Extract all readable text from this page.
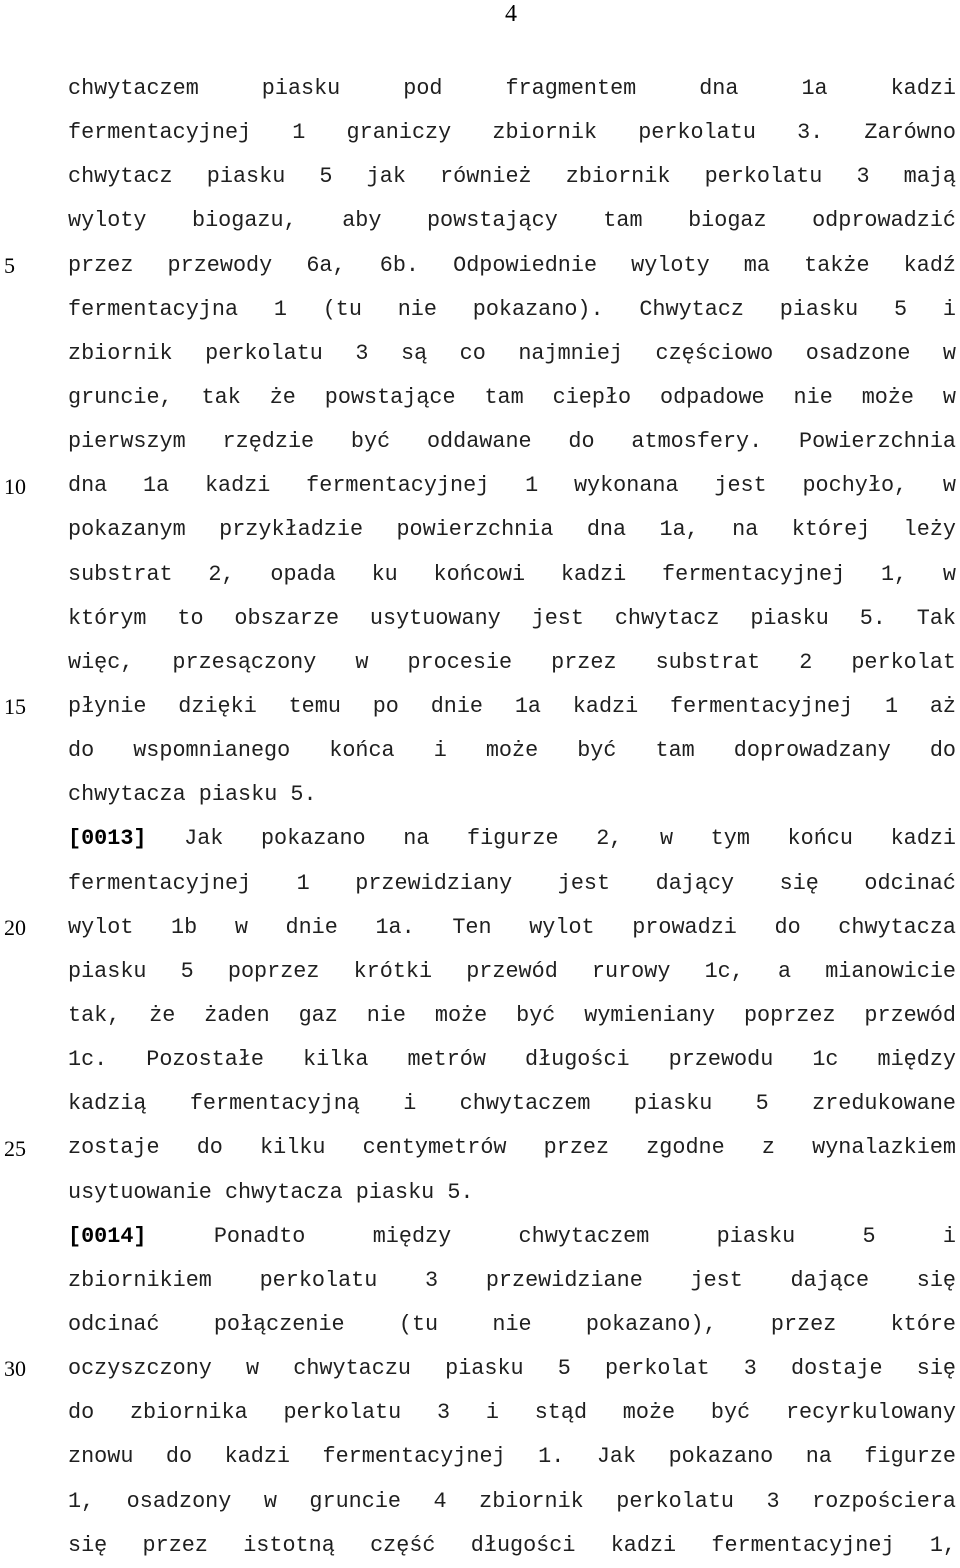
4
5
10
15
20
25
30
chwytaczem piasku pod fragmentem dna 1a kadzi
fermentacyjnej 1 graniczy zbiornik perkolatu 3. Zarówno
chwytacz piasku 5 jak również zbiornik perkolatu 3 mają
wyloty biogazu, aby powstający tam biogaz odprowadzić
przez przewody 6a, 6b. Odpowiednie wyloty ma także kadź
fermentacyjna 1 (tu nie pokazano). Chwytacz piasku 5 i
zbiornik perkolatu 3 są co najmniej częściowo osadzone w
gruncie, tak że powstające tam ciepło odpadowe nie może w
pierwszym rzędzie być oddawane do atmosfery. Powierzchnia
dna 1a kadzi fermentacyjnej 1 wykonana jest pochyło, w
pokazanym przykładzie powierzchnia dna 1a, na której leży
substrat 2, opada ku końcowi kadzi fermentacyjnej 1, w
którym to obszarze usytuowany jest chwytacz piasku 5. Tak
więc, przesączony w procesie przez substrat 2 perkolat
płynie dzięki temu po dnie 1a kadzi fermentacyjnej 1 aż
do wspomnianego końca i może być tam doprowadzany do
chwytacza piasku 5.
[0013] Jak pokazano na figurze 2, w tym końcu kadzi
fermentacyjnej 1 przewidziany jest dający się odcinać
wylot 1b w dnie 1a. Ten wylot prowadzi do chwytacza
piasku 5 poprzez krótki przewód rurowy 1c, a mianowicie
tak, że żaden gaz nie może być wymieniany poprzez przewód
1c. Pozostałe kilka metrów długości przewodu 1c między
kadzią fermentacyjną i chwytaczem piasku 5 zredukowane
zostaje do kilku centymetrów przez zgodne z wynalazkiem
usytuowanie chwytacza piasku 5.
[0014]	Ponadto między chwytaczem piasku 5 i
zbiornikiem perkolatu 3 przewidziane jest dające się
odcinać połączenie (tu nie pokazano), przez które
oczyszczony w chwytaczu piasku 5 perkolat 3 dostaje się
do zbiornika perkolatu 3 i stąd może być recyrkulowany
znowu do kadzi fermentacyjnej 1. Jak pokazano na figurze
1, osadzony w gruncie 4 zbiornik perkolatu 3 rozpościera
się przez istotną część długości kadzi fermentacyjnej 1,
